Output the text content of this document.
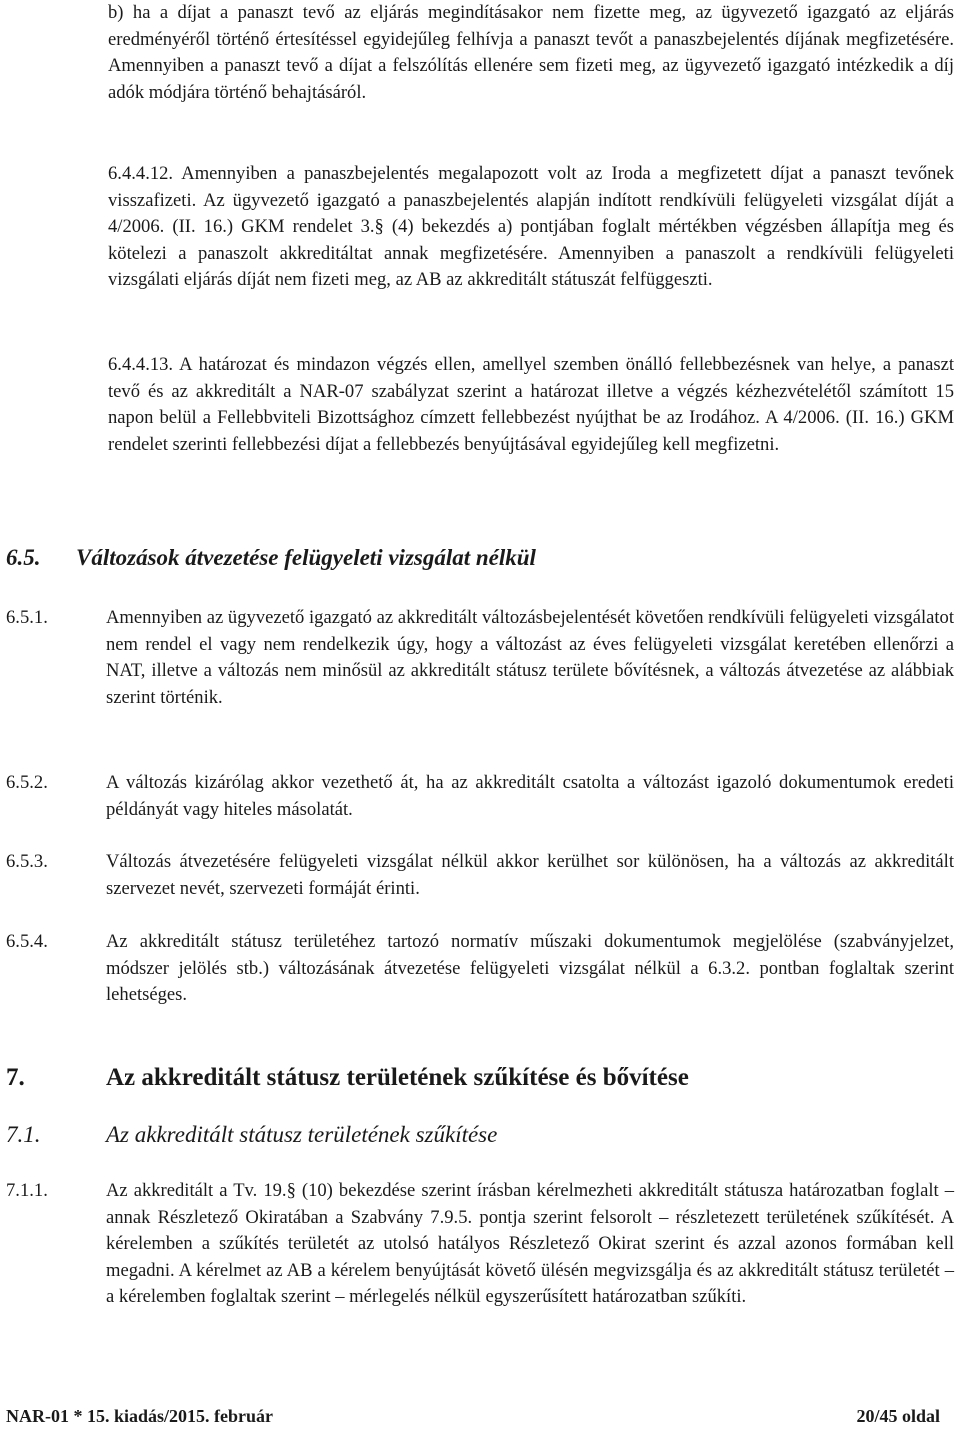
b) ha a díjat a panaszt tevő az eljárás megindításakor nem fizette meg, az ügyvezető igazgató az eljárás eredményéről történő értesítéssel egyidejűleg felhívja a panaszt tevőt a panaszbejelentés díjának megfizetésére. Amennyiben a panaszt tevő a díjat a felszólítás ellenére sem fizeti meg, az ügyvezető igazgató intézkedik a díj adók módjára történő behajtásáról.

6.4.4.12. Amennyiben a panaszbejelentés megalapozott volt az Iroda a megfizetett díjat a panaszt tevőnek visszafizeti. Az ügyvezető igazgató a panaszbejelentés alapján indított rendkívüli felügyeleti vizsgálat díját a 4/2006. (II. 16.) GKM rendelet 3.§ (4) bekezdés a) pontjában foglalt mértékben végzésben állapítja meg és kötelezi a panaszolt akkreditáltat annak megfizetésére. Amennyiben a panaszolt a rendkívüli felügyeleti vizsgálati eljárás díját nem fizeti meg, az AB az akkreditált státuszát felfüggeszti.

6.4.4.13. A határozat és mindazon végzés ellen, amellyel szemben önálló fellebbezésnek van helye, a panaszt tevő és az akkreditált a NAR-07 szabályzat szerint a határozat illetve a végzés kézhezvételétől számított 15 napon belül a Fellebbviteli Bizottsághoz címzett fellebbezést nyújthat be az Irodához. A 4/2006. (II. 16.) GKM rendelet szerinti fellebbezési díjat a fellebbezés benyújtásával egyidejűleg kell megfizetni.

6.5. Változások átvezetése felügyeleti vizsgálat nélkül
6.5.1.	Amennyiben az ügyvezető igazgató az akkreditált változásbejelentését követően rendkívüli felügyeleti vizsgálatot nem rendel el vagy nem rendelkezik úgy, hogy a változást az éves felügyeleti vizsgálat keretében ellenőrzi a NAT, illetve a változás nem minősül az akkreditált státusz területe bővítésnek, a változás átvezetése az alábbiak szerint történik.

6.5.2.	A változás kizárólag akkor vezethető át, ha az akkreditált csatolta a változást igazoló dokumentumok eredeti példányát vagy hiteles másolatát.

6.5.3.	Változás átvezetésére felügyeleti vizsgálat nélkül akkor kerülhet sor különösen, ha a változás az akkreditált szervezet nevét, szervezeti formáját érinti.

6.5.4.	Az akkreditált státusz területéhez tartozó normatív műszaki dokumentumok megjelölése (szabványjelzet, módszer jelölés stb.) változásának átvezetése felügyeleti vizsgálat nélkül a 6.3.2. pontban foglaltak szerint lehetséges.

7.	Az akkreditált státusz területének szűkítése és bővítése
7.1.	Az akkreditált státusz területének szűkítése
7.1.1.	Az akkreditált a Tv. 19.§ (10) bekezdése szerint írásban kérelmezheti akkreditált státusza határozatban foglalt – annak Részletező Okiratában a Szabvány 7.9.5. pontja szerint felsorolt – részletezett területének szűkítését. A kérelemben a szűkítés területét az utolsó hatályos Részletező Okirat szerint és azzal azonos formában kell megadni. A kérelmet az AB a kérelem benyújtását követő ülésén megvizsgálja és az akkreditált státusz területét – a kérelemben foglaltak szerint – mérlegelés nélkül egyszerűsített határozatban szűkíti.

NAR-01 * 15. kiadás/2015. február	20/45 oldal
